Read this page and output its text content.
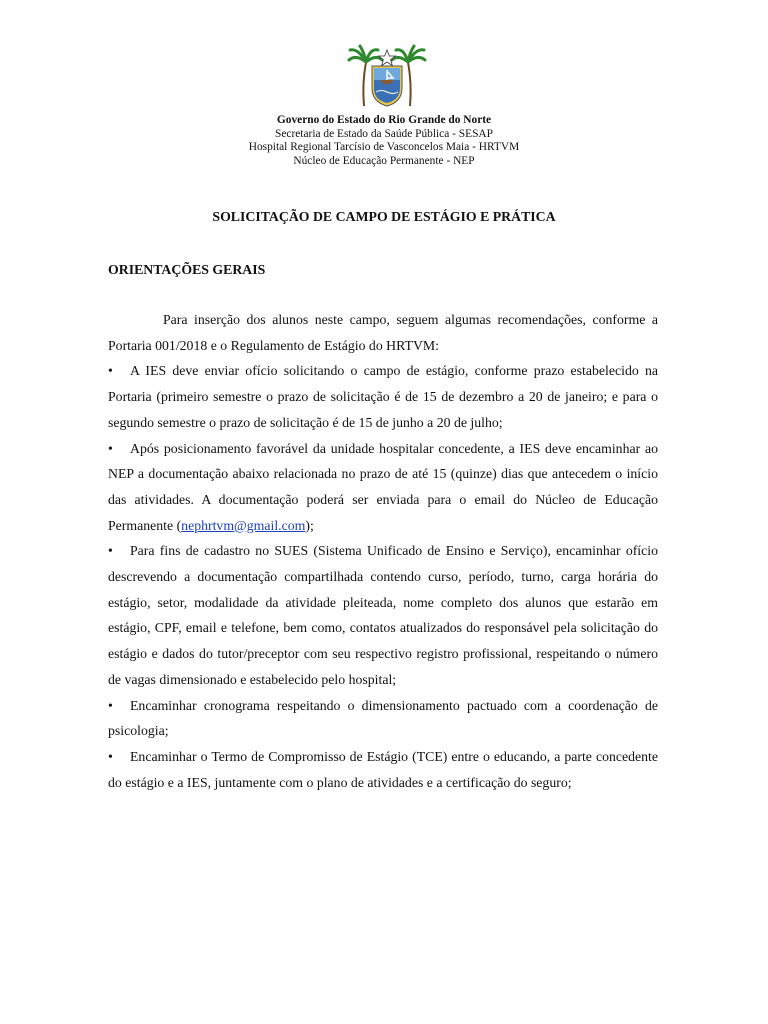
Governo do Estado do Rio Grande do Norte
Secretaria de Estado da Saúde Pública - SESAP
Hospital Regional Tarcísio de Vasconcelos Maia - HRTVM
Núcleo de Educação Permanente - NEP
SOLICITAÇÃO DE CAMPO DE ESTÁGIO E PRÁTICA
ORIENTAÇÕES GERAIS

Para inserção dos alunos neste campo, seguem algumas recomendações, conforme a Portaria 001/2018 e o Regulamento de Estágio do HRTVM:

• A IES deve enviar ofício solicitando o campo de estágio, conforme prazo estabelecido na Portaria (primeiro semestre o prazo de solicitação é de 15 de dezembro a 20 de janeiro; e para o segundo semestre o prazo de solicitação é de 15 de junho a 20 de julho;

• Após posicionamento favorável da unidade hospitalar concedente, a IES deve encaminhar ao NEP a documentação abaixo relacionada no prazo de até 15 (quinze) dias que antecedem o início das atividades. A documentação poderá ser enviada para o email do Núcleo de Educação Permanente (nephrtvm@gmail.com);

• Para fins de cadastro no SUES (Sistema Unificado de Ensino e Serviço), encaminhar ofício descrevendo a documentação compartilhada contendo curso, período, turno, carga horária do estágio, setor, modalidade da atividade pleiteada, nome completo dos alunos que estarão em estágio, CPF, email e telefone, bem como, contatos atualizados do responsável pela solicitação do estágio e dados do tutor/preceptor com seu respectivo registro profissional, respeitando o número de vagas dimensionado e estabelecido pelo hospital;

• Encaminhar cronograma respeitando o dimensionamento pactuado com a coordenação de psicologia;

• Encaminhar o Termo de Compromisso de Estágio (TCE) entre o educando, a parte concedente do estágio e a IES, juntamente com o plano de atividades e a certificação do seguro;
